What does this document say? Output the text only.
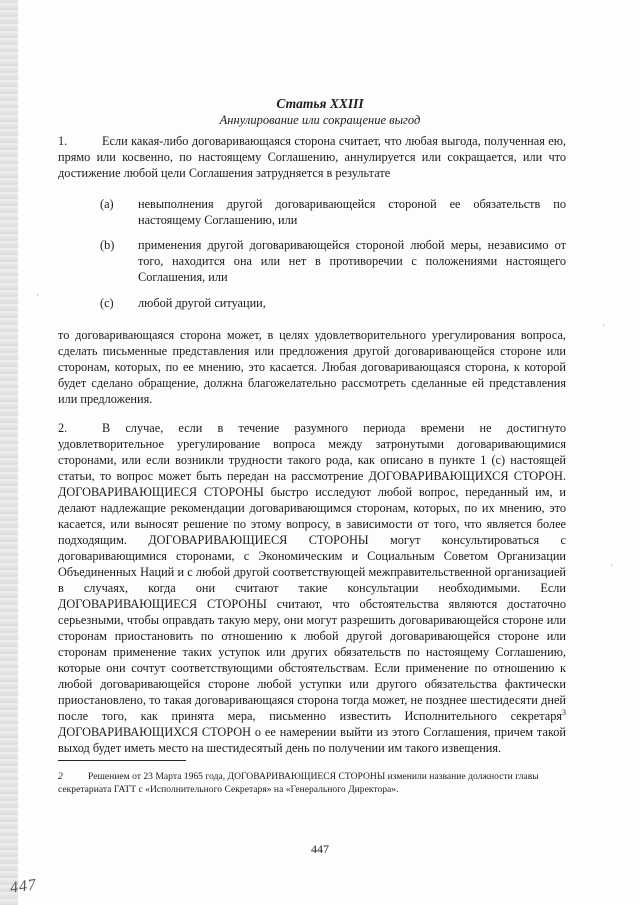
Статья XXIII
Аннулирование или сокращение выгод

1.	Если какая-либо договаривающаяся сторона считает, что любая выгода, полученная ею, прямо или косвенно, по настоящему Соглашению, аннулируется или сокращается, или что достижение любой цели Соглашения затрудняется в результате

(a) невыполнения другой договаривающейся стороной ее обязательств по настоящему Соглашению, или
(b) применения другой договаривающейся стороной любой меры, независимо от того, находится она или нет в противоречии с положениями настоящего Соглашения, или
(c) любой другой ситуации,

то договаривающаяся сторона может, в целях удовлетворительного урегулирования вопроса, сделать письменные представления или предложения другой договаривающейся стороне или сторонам, которых, по ее мнению, это касается. Любая договаривающаяся сторона, к которой будет сделано обращение, должна благожелательно рассмотреть сделанные ей представления или предложения.

2.	В случае, если в течение разумного периода времени не достигнуто удовлетворительное урегулирование вопроса между затронутыми договаривающимися сторонами, или если возникли трудности такого рода, как описано в пункте 1 (c) настоящей статьи, то вопрос может быть передан на рассмотрение ДОГОВАРИВАЮЩИХСЯ СТОРОН. ДОГОВАРИВАЮЩИЕСЯ СТОРОНЫ быстро исследуют любой вопрос, переданный им, и делают надлежащие рекомендации договаривающимся сторонам, которых, по их мнению, это касается, или выносят решение по этому вопросу, в зависимости от того, что является более подходящим. ДОГОВАРИВАЮЩИЕСЯ СТОРОНЫ могут консультироваться с договаривающимися сторонами, с Экономическим и Социальным Советом Организации Объединенных Наций и с любой другой соответствующей межправительственной организацией в случаях, когда они считают такие консультации необходимыми. Если ДОГОВАРИВАЮЩИЕСЯ СТОРОНЫ считают, что обстоятельства являются достаточно серьезными, чтобы оправдать такую меру, они могут разрешить договаривающейся стороне или сторонам приостановить по отношению к любой другой договаривающейся стороне или сторонам применение таких уступок или других обязательств по настоящему Соглашению, которые они сочтут соответствующими обстоятельствам. Если применение по отношению к любой договаривающейся стороне любой уступки или другого обязательства фактически приостановлено, то такая договаривающаяся сторона тогда может, не позднее шестидесяти дней после того, как принята мера, письменно известить Исполнительного секретаря$^3$ ДОГОВАРИВАЮЩИХСЯ СТОРОН о ее намерении выйти из этого Соглашения, причем такой выход будет иметь место на шестидесятый день по получении им такого извещения.

2	Решением от 23 Марта 1965 года, ДОГОВАРИВАЮЩИЕСЯ СТОРОНЫ изменили название должности главы секретариата ГАТТ с «Исполнительного Секретаря» на «Генерального Директора».
447
447
·
·
·
